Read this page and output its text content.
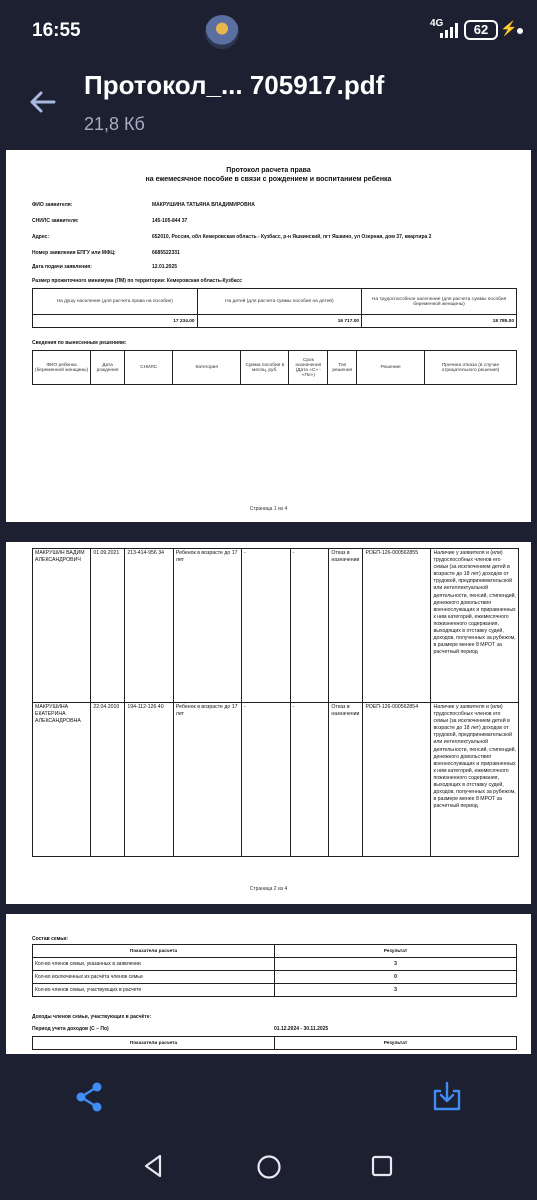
16:55	4G	62 ⚡
Протокол_... 705917.pdf
21,8 Кб
Протокол расчета права
на ежемесячное пособие в связи с рождением и воспитанием ребенка
ФИО заявителя:	МАКРУШИНА ТАТЬЯНА ВЛАДИМИРОВНА
СНИЛС заявителя:	145-105-844 37
Адрес:	652010, Россия, обл Кемеровская область - Кузбасс, р-н Яшкинский, пгт Яшкино, ул Озерная, дом 37, квартира 2
Номер заявления ЕПГУ или МФЦ:	6685522331
Дата подачи заявления:	12.01.2025
Размер прожиточного минимума (ПМ) по территории: Кемеровская область-Кузбасс
На душу населения (для расчета права на пособие)	На детей (для расчета суммы пособия на детей)	На трудоспособное население (для расчета суммы пособия беременной женщины)
17 234.00	16 717.00	18 785.00
Сведения по вынесенным решениям:
ФИО ребенка (беременной женщины)	Дата рождения	СНИЛС	Категория	Сумма пособия в месяц, руб.	Срок назначения (Дата «С» - «По»)	Тип решения	Решение	Причина отказа (в случае отрицательного решения)
Страница 1 из 4
МАКРУШИН ВАДИМ АЛЕКСАНДРОВИЧ	01.09.2021	213-414-956 34	Ребенок в возрасте до 17 лет	-	-	Отказ в назначении	РОЕП-126-000562855	Наличие у заявителя и (или) трудоспособных членов его семьи (за исключением детей в возрасте до 18 лет) доходов от трудовой, предпринимательской или интеллектуальной деятельности, пенсий, стипендий, денежного довольствия военнослужащих и приравненных к ним категорий, ежемесячного пожизненного содержания, выходящих в отставку судей, доходов, полученных за рубежом, в размере менее 8 МРОТ за расчетный период
МАКРУШИНА ЕКАТЕРИНА АЛЕКСАНДРОВНА	22.04.2010	194-112-126 40	Ребенок в возрасте до 17 лет	-	-	Отказ в назначении	РОЕП-126-000562854	Наличие у заявителя и (или) трудоспособных членов его семьи (за исключением детей в возрасте до 18 лет) доходов от трудовой, предпринимательской или интеллектуальной деятельности, пенсий, стипендий, денежного довольствия военнослужащих и приравненных к ним категорий, ежемесячного пожизненного содержания, выходящих в отставку судей, доходов, полученных за рубежом, в размере менее 8 МРОТ за расчетный период
Страница 2 из 4
Состав семьи:
Показатели расчета	Результат
Кол-во членов семьи, указанных в заявлении	3
Кол-во исключенных из расчёта членов семьи	0
Кол-во членов семьи, участвующих в расчете	3
Доходы членов семьи, участвующих в расчёте:
Период учета доходов (С – По)	01.12.2024 - 30.11.2025
Показатели расчета	Результат
